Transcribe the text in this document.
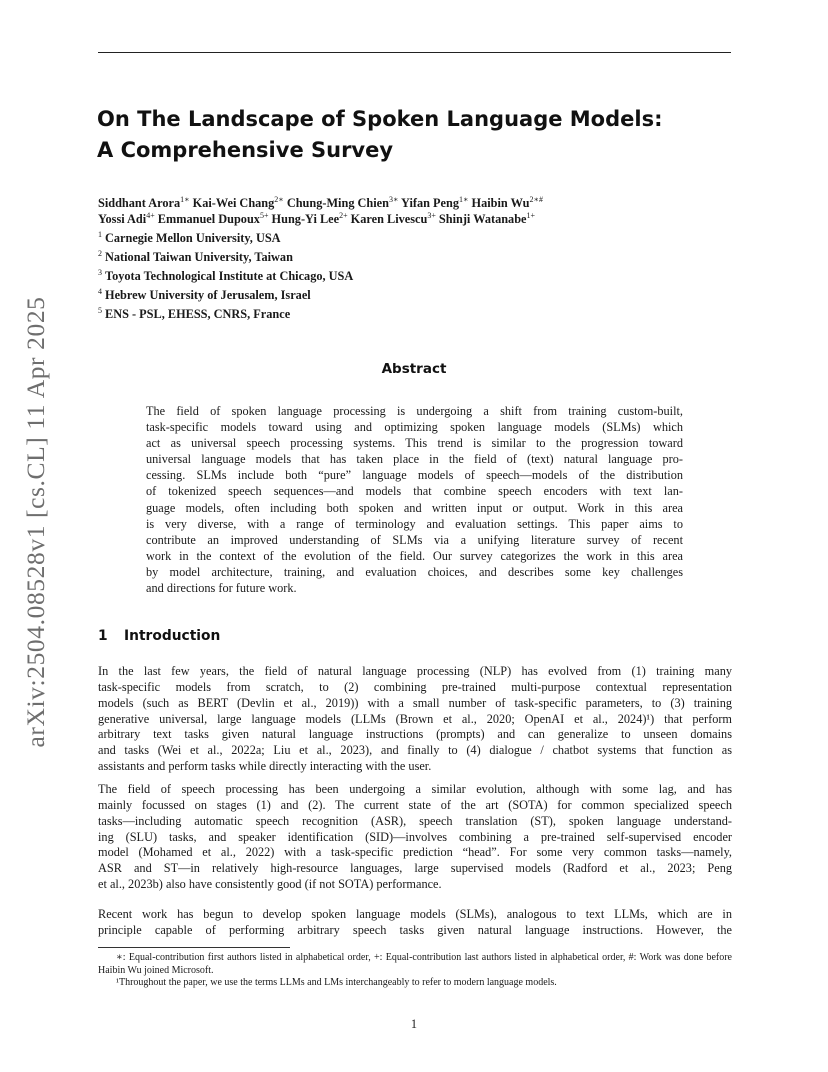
arXiv:2504.08528v1 [cs.CL] 11 Apr 2025
On The Landscape of Spoken Language Models:
A Comprehensive Survey
Siddhant Arora$^{1∗}$ Kai-Wei Chang$^{2∗}$ Chung-Ming Chien$^{3∗}$ Yifan Peng$^{1∗}$ Haibin $Wu^{2∗\#}$
Yossi Adi$^{4+}$ Emmanuel Dupoux$^{5+}$ Hung-Yi Lee$^{2+}$ Karen Livescu$^{3+}$ Shinji Watanabe$^{1+}$
$^1$ Carnegie Mellon University, USA
$^2$ National Taiwan University, Taiwan
$^3$ Toyota Technological Institute at Chicago, USA
$^4$ Hebrew University of Jerusalem, Israel
$^5$ ENS - PSL, EHESS, CNRS, France
Abstract
The field of spoken language processing is undergoing a shift from training custom-built,
task-specific models toward using and optimizing spoken language models (SLMs) which
act as universal speech processing systems. This trend is similar to the progression toward
universal language models that has taken place in the field of (text) natural language pro-
cessing. SLMs include both “pure” language models of speech—models of the distribution
of tokenized speech sequences—and models that combine speech encoders with text lan-
guage models, often including both spoken and written input or output. Work in this area
is very diverse, with a range of terminology and evaluation settings. This paper aims to
contribute an improved understanding of SLMs via a unifying literature survey of recent
work in the context of the evolution of the field. Our survey categorizes the work in this area
by model architecture, training, and evaluation choices, and describes some key challenges
and directions for future work.
1 Introduction
In the last few years, the field of natural language processing (NLP) has evolved from (1) training many
task-specific models from scratch, to (2) combining pre-trained multi-purpose contextual representation
models (such as BERT (Devlin et al., 2019)) with a small number of task-specific parameters, to (3) training
generative universal, large language models (LLMs (Brown et al., 2020; OpenAI et al., 2024)¹) that perform
arbitrary text tasks given natural language instructions (prompts) and can generalize to unseen domains
and tasks (Wei et al., 2022a; Liu et al., 2023), and finally to (4) dialogue / chatbot systems that function as
assistants and perform tasks while directly interacting with the user.
The field of speech processing has been undergoing a similar evolution, although with some lag, and has
mainly focussed on stages (1) and (2). The current state of the art (SOTA) for common specialized speech
tasks—including automatic speech recognition (ASR), speech translation (ST), spoken language understand-
ing (SLU) tasks, and speaker identification (SID)—involves combining a pre-trained self-supervised encoder
model (Mohamed et al., 2022) with a task-specific prediction “head”. For some very common tasks—namely,
ASR and ST—in relatively high-resource languages, large supervised models (Radford et al., 2023; Peng
et al., 2023b) also have consistently good (if not SOTA) performance.
Recent work has begun to develop spoken language models (SLMs), analogous to text LLMs, which are in
principle capable of performing arbitrary speech tasks given natural language instructions. However, the
∗: Equal-contribution first authors listed in alphabetical order, +: Equal-contribution last authors listed in alphabetical order, #: Work was done before Haibin Wu joined Microsoft.
¹Throughout the paper, we use the terms LLMs and LMs interchangeably to refer to modern language models.
1
